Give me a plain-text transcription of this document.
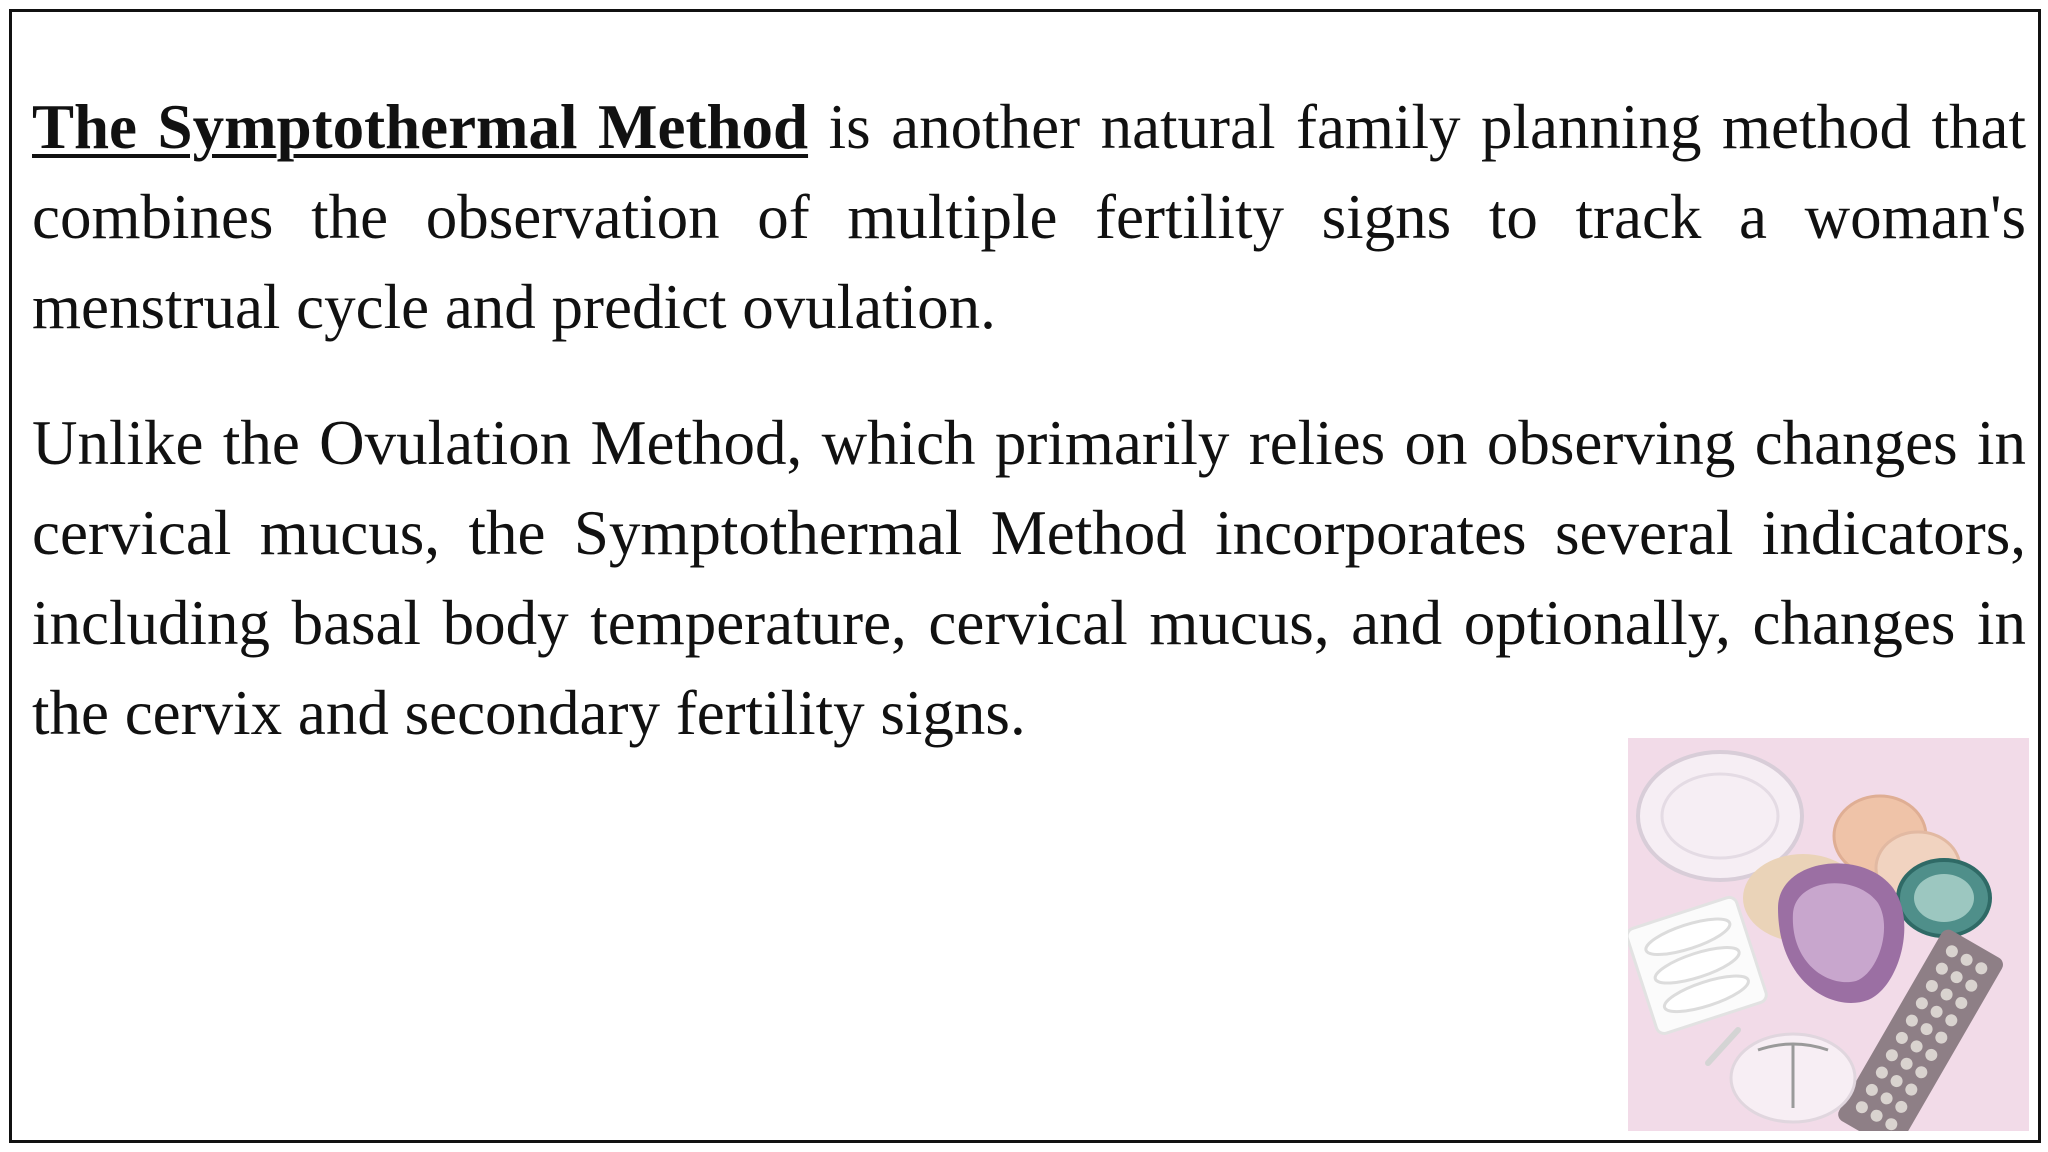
The Symptothermal Method is another natural family planning method that combines the observation of multiple fertility signs to track a woman's menstrual cycle and predict ovulation.

Unlike the Ovulation Method, which primarily relies on observing changes in cervical mucus, the Symptothermal Method incorporates several indicators, including basal body temperature, cervical mucus, and optionally, changes in the cervix and secondary fertility signs.
